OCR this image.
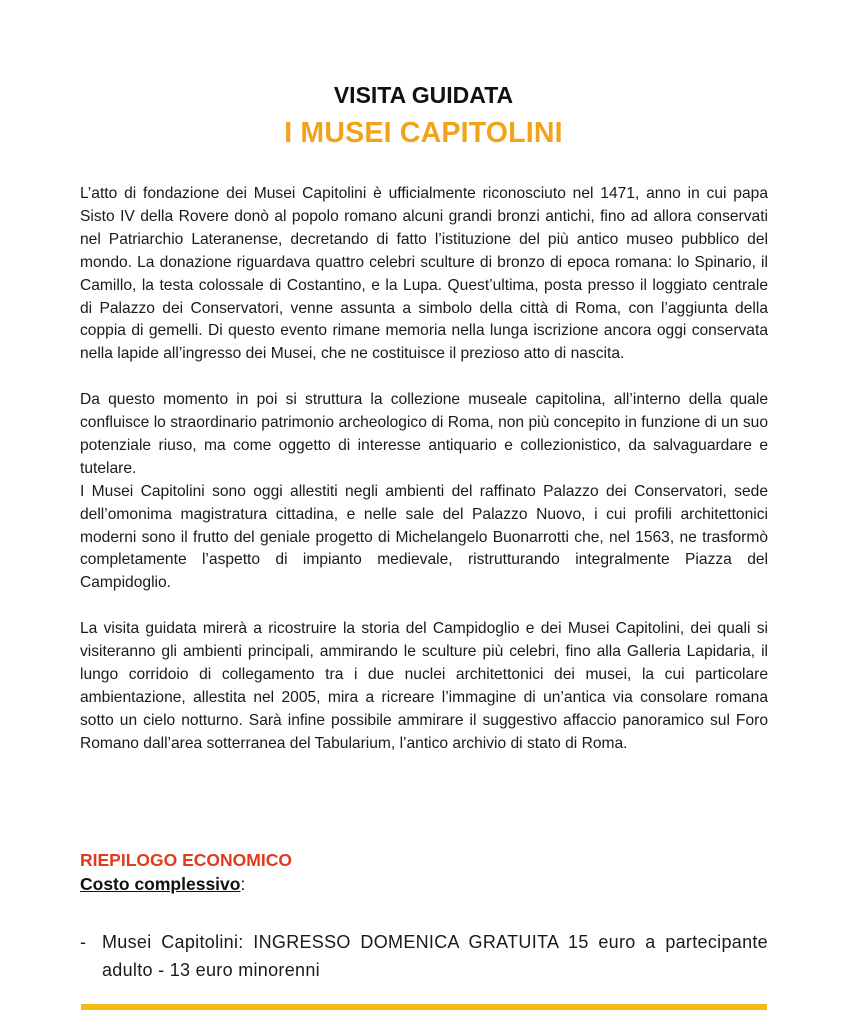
VISITA GUIDATA
I MUSEI CAPITOLINI

L’atto di fondazione dei Musei Capitolini è ufficialmente riconosciuto nel 1471, anno in cui papa Sisto IV della Rovere donò al popolo romano alcuni grandi bronzi antichi, fino ad allora conservati nel Patriarchio Lateranense, decretando di fatto l’istituzione del più antico museo pubblico del mondo. La donazione riguardava quattro celebri sculture di bronzo di epoca romana: lo Spinario, il Camillo, la testa colossale di Costantino, e la Lupa. Quest’ultima, posta presso il loggiato centrale di Palazzo dei Conservatori, venne assunta a simbolo della città di Roma, con l’aggiunta della coppia di gemelli. Di questo evento rimane memoria nella lunga iscrizione ancora oggi conservata nella lapide all’ingresso dei Musei, che ne costituisce il prezioso atto di nascita.

Da questo momento in poi si struttura la collezione museale capitolina, all’interno della quale confluisce lo straordinario patrimonio archeologico di Roma, non più concepito in funzione di un suo potenziale riuso, ma come oggetto di interesse antiquario e collezionistico, da salvaguardare e tutelare.

I Musei Capitolini sono oggi allestiti negli ambienti del raffinato Palazzo dei Conservatori, sede dell’omonima magistratura cittadina, e nelle sale del Palazzo Nuovo, i cui profili architettonici moderni sono il frutto del geniale progetto di Michelangelo Buonarrotti che, nel 1563, ne trasformò completamente l’aspetto di impianto medievale, ristrutturando integralmente Piazza del Campidoglio.

La visita guidata mirerà a ricostruire la storia del Campidoglio e dei Musei Capitolini, dei quali si visiteranno gli ambienti principali, ammirando le sculture più celebri, fino alla Galleria Lapidaria, il lungo corridoio di collegamento tra i due nuclei architettonici dei musei, la cui particolare ambientazione, allestita nel 2005, mira a ricreare l’immagine di un’antica via consolare romana sotto un cielo notturno. Sarà infine possibile ammirare il suggestivo affaccio panoramico sul Foro Romano dall’area sotterranea del Tabularium, l’antico archivio di stato di Roma.

RIEPILOGO ECONOMICO
Costo complessivo:
- Musei Capitolini: INGRESSO DOMENICA GRATUITA 15 euro a partecipante adulto - 13 euro minorenni
